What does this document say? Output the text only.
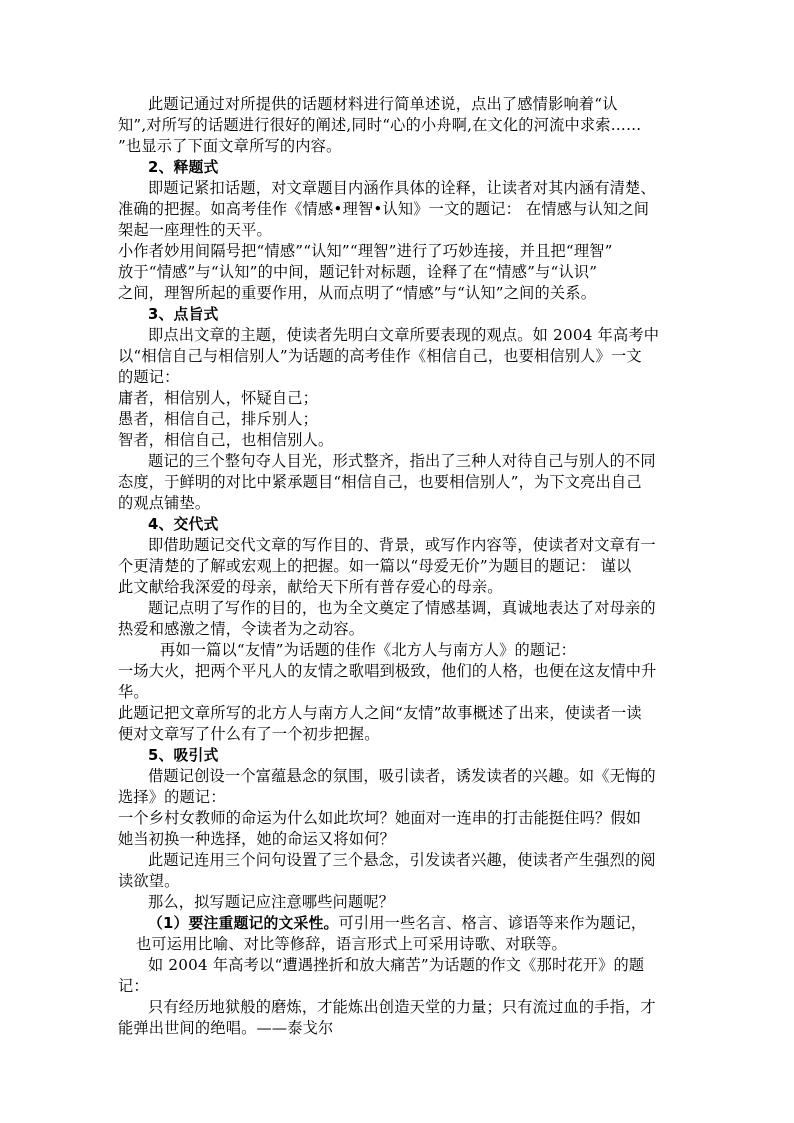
此题记通过对所提供的话题材料进行简单述说，点出了感情影响着“认
知”,对所写的话题进行很好的阐述,同时“心的小舟啊,在文化的河流中求索……
”也显示了下面文章所写的内容。
2、释题式
即题记紧扣话题，对文章题目内涵作具体的诠释，让读者对其内涵有清楚、
准确的把握。如高考佳作《情感•理智•认知》一文的题记： 在情感与认知之间
架起一座理性的天平。
小作者妙用间隔号把“情感”“认知”“理智”进行了巧妙连接，并且把“理智”
放于“情感”与“认知”的中间，题记针对标题，诠释了在“情感”与“认识”
之间，理智所起的重要作用，从而点明了“情感”与“认知”之间的关系。
3、点旨式
即点出文章的主题，使读者先明白文章所要表现的观点。如 2004 年高考中
以“相信自己与相信别人”为话题的高考佳作《相信自己，也要相信别人》一文
的题记：
庸者，相信别人，怀疑自己；
愚者，相信自己，排斥别人；
智者，相信自己，也相信别人。
题记的三个整句夺人目光，形式整齐，指出了三种人对待自己与别人的不同
态度，于鲜明的对比中紧承题目“相信自己，也要相信别人”，为下文亮出自己
的观点铺垫。
4、交代式
即借助题记交代文章的写作目的、背景，或写作内容等，使读者对文章有一
个更清楚的了解或宏观上的把握。如一篇以“母爱无价”为题目的题记： 谨以
此文献给我深爱的母亲，献给天下所有普存爱心的母亲。
题记点明了写作的目的，也为全文奠定了情感基调，真诚地表达了对母亲的
热爱和感激之情，令读者为之动容。
再如一篇以“友情”为话题的佳作《北方人与南方人》的题记：
一场大火，把两个平凡人的友情之歌唱到极致，他们的人格，也便在这友情中升
华。
此题记把文章所写的北方人与南方人之间“友情”故事概述了出来，使读者一读
便对文章写了什么有了一个初步把握。
5、吸引式
借题记创设一个富蕴悬念的氛围，吸引读者，诱发读者的兴趣。如《无悔的
选择》的题记：
一个乡村女教师的命运为什么如此坎坷？她面对一连串的打击能挺住吗？假如
她当初换一种选择，她的命运又将如何？
此题记连用三个问句设置了三个悬念，引发读者兴趣，使读者产生强烈的阅
读欲望。
那么，拟写题记应注意哪些问题呢？
（1）要注重题记的文采性。可引用一些名言、格言、谚语等来作为题记，
也可运用比喻、对比等修辞，语言形式上可采用诗歌、对联等。
如 2004 年高考以“遭遇挫折和放大痛苦”为话题的作文《那时花开》的题
记：
只有经历地狱般的磨炼，才能炼出创造天堂的力量；只有流过血的手指，才
能弹出世间的绝唱。——泰戈尔
